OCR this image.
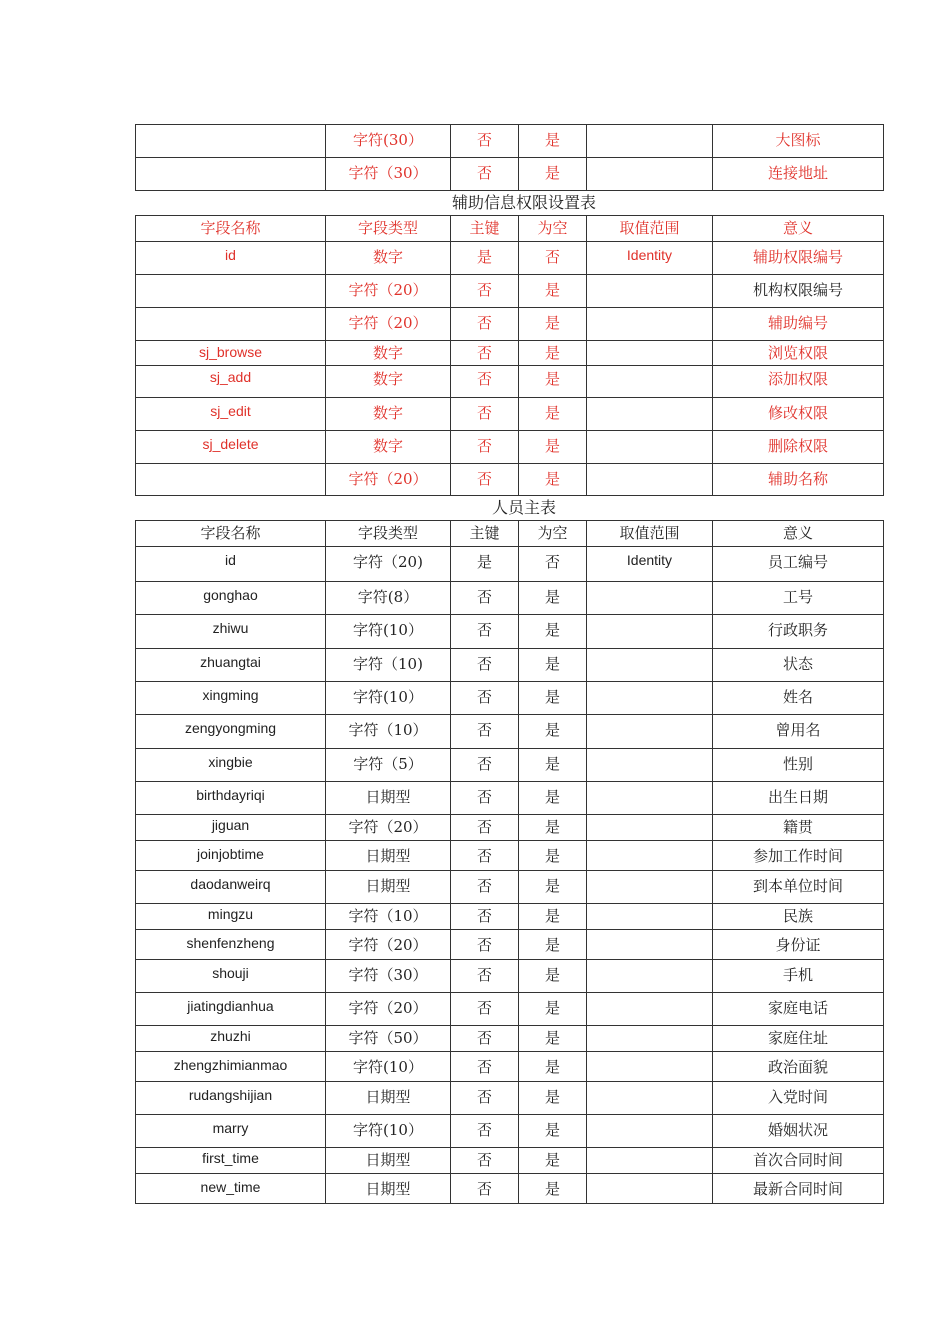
	字符(30）	否	是		大图标
	字符（30）	否	是		连接地址
辅助信息权限设置表
字段名称	字段类型	主键	为空	取值范围	意义
id	数字	是	否	Identity	辅助权限编号
	字符（20）	否	是		机构权限编号
	字符（20）	否	是		辅助编号
sj_browse	数字	否	是		浏览权限
sj_add	数字	否	是		添加权限
sj_edit	数字	否	是		修改权限
sj_delete	数字	否	是		删除权限
	字符（20）	否	是		辅助名称
人员主表
字段名称	字段类型	主键	为空	取值范围	意义
id	字符（20)	是	否	Identity	员工编号
gonghao	字符(8）	否	是		工号
zhiwu	字符(10）	否	是		行政职务
zhuangtai	字符（10)	否	是		状态
xingming	字符(10）	否	是		姓名
zengyongming	字符（10）	否	是		曾用名
xingbie	字符（5）	否	是		性别
birthdayriqi	日期型	否	是		出生日期
jiguan	字符（20）	否	是		籍贯
joinjobtime	日期型	否	是		参加工作时间
daodanweirq	日期型	否	是		到本单位时间
mingzu	字符（10）	否	是		民族
shenfenzheng	字符（20）	否	是		身份证
shouji	字符（30）	否	是		手机
jiatingdianhua	字符（20）	否	是		家庭电话
zhuzhi	字符（50）	否	是		家庭住址
zhengzhimianmao	字符(10）	否	是		政治面貌
rudangshijian	日期型	否	是		入党时间
marry	字符(10）	否	是		婚姻状况
first_time	日期型	否	是		首次合同时间
new_time	日期型	否	是		最新合同时间
